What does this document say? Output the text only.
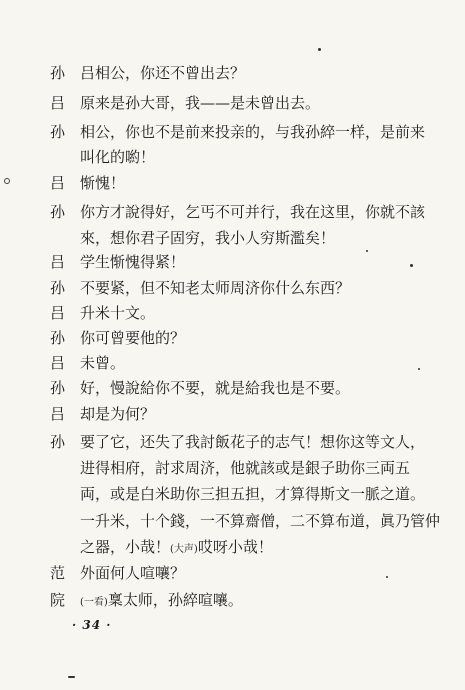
孙 吕相公，你还不曾出去？
吕 原来是孙大哥，我——是未曾出去。
孙 相公，你也不是前来投亲的，与我孙綷一样，是前来
叫化的喲！
吕 惭愧！
孙 你方才說得好，乞丐不可并行，我在这里，你就不該
來，想你君子固穷，我小人穷斯濫矣！
吕 学生惭愧得紧！
孙 不要紧，但不知老太师周济你什么东西？
吕 升米十文。
孙 你可曾要他的？
吕 未曾。
孙 好，慢說給你不要，就是給我也是不要。
吕 却是为何？
孙 要了它，还失了我討飯花子的志气！想你这等文人，
进得相府，討求周济，他就該或是銀子助你三両五
両，或是白米助你三担五担，才算得斯文一脈之道。
一升米，十个錢，一不算齋僧，二不算布道，眞乃管仲
之器，小哉！(大声)哎呀小哉！
范 外面何人喧嚷？
院 (一看)稟太师，孙綷喧嚷。
· 34 ·
